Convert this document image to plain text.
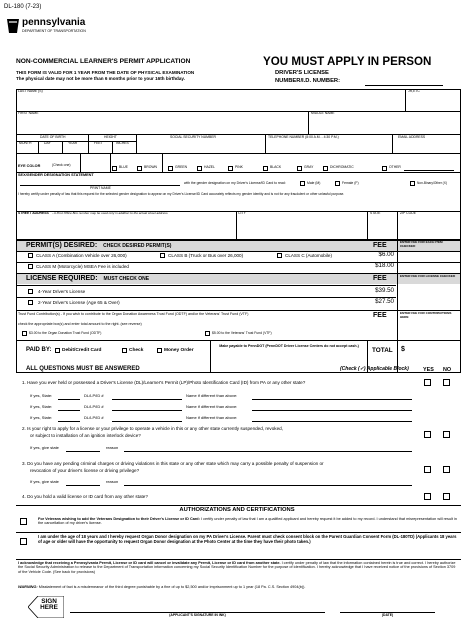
DL-180 (7-23)
pennsylvania
DEPARTMENT OF TRANSPORTATION
NON-COMMERCIAL LEARNER'S PERMIT APPLICATION	YOU MUST APPLY IN PERSON
THIS FORM IS VALID FOR 1 YEAR FROM THE DATE OF PHYSICAL EXAMINATION
The physical date may not be more than 6 months prior to your 16th birthday.
DRIVER'S LICENSE
NUMBER/I.D. NUMBER:
LAST NAME (S)	JR,ETC
FIRST NAME	MIDDLE NAME
DATE OF BIRTH
MONTH	DAY	YEAR
HEIGHT
FEET	INCHES
SOCIAL SECURITY NUMBER	TELEPHONE NUMBER (8:00 A.M. - 4:30 P.M.)	EMAIL ADDRESS
EYE COLOR	(Check one)	BLUE	BROWN	GREEN	HAZEL	PINK	BLACK	GRAY	DICHROMATIC	OTHER
SEX/GENDER DESIGNATION STATEMENT
PRINT NAME
with the gender designation on my Driver's License/ID Card to read:	Male (M)	Female (F)	Non-Binary/Other (X)
I hereby certify under penalty of law that this request for the selected gender designation to appear on my Driver's License/ID Card accurately reflects my gender identity and is not for any fraudulent or other unlawful purpose.
STREET ADDRESS - A Post Office Box number may be used only in addition to the actual street address.	CITY	STATE	ZIP CODE
PERMIT(S) DESIRED: CHECK DESIRED PERMIT(S)	FEE	ENTER FEE FOR EACH ITEM CHECKED
CLASS A (Combination Vehicle over 26,000)	CLASS B (Truck or Bus over 26,000)	CLASS C (Automobile)	$6.00
CLASS M (Motorcycle) MSEA Fee is included	$18.00
LICENSE REQUIRED: MUST CHECK ONE	FEE	ENTER FEE FOR LICENSE CHECKED
4-Year Driver's License	$39.50
2-Year Driver's License (Age 65 & Over)	$27.50
Trust Fund Contribution(s) - If you wish to contribute to the Organ Donation Awareness Trust Fund (ODTF) and/or the Veterans' Trust Fund (VTF)
check the appropriate box(s) and enter total amount to the right. (see reverse)
$3.00 to the Organ Donation Trust Fund (ODTF)	$5.00 to the Veterans' Trust Fund (VTF)
FEE	ENTER FEE FOR CONTRIBUTIONS HERE
PAID BY: Debit/Credit Card	Check	Money Order
Make payable to PennDOT (PennDOT Driver License Centers do not accept cash.)
TOTAL $
ALL QUESTIONS MUST BE ANSWERED	(Check (✓) Applicable Block)	YES NO
1. Have you ever held or possessed a Driver's License (DL)/Learner's Permit (LP)/Photo Identification Card (ID) from PA or any other state?
If yes, State:	DL/LP/ID #	Name if different than above:
If yes, State:	DL/LP/ID #	Name if different than above:
If yes, State:	DL/LP/ID #	Name if different than above:
2. Is your right to apply for a license or your privilege to operate a vehicle in this or any other state currently suspended, revoked,
or subject to installation of an ignition interlock device?
If yes, give state	reason
3. Do you have any pending criminal charges or driving violations in this state or any other state which may carry a possible penalty of suspension or
revocation of your driver's license or driving privilege?
If yes, give state	reason
4. Do you hold a valid license or ID card from any other state?
AUTHORIZATIONS AND CERTIFICATIONS
For Veterans wishing to add the Veterans Designation to their Driver's License or ID Card: I certify under penalty of law that I am a qualified applicant and hereby request it be added to my record. I understand that misrepresentation will result in the cancellation of my driver's license.
I am under the age of 18 years and I hereby request Organ Donor designation on my PA Driver's License. Parent must check consent block on the Parent Guardian Consent Form (DL-180TD) (Applicants 18 years of age or older will have the opportunity to request Organ Donor designation at the Photo Center at the time they have their photo taken.)
I acknowledge that receiving a Pennsylvania Permit, License or ID card will cancel or invalidate any Permit, License or ID card from another state. I certify under penalty of law that the information contained herein is true and correct. I hereby authorize the Social Security Administration to release to the Department of Transportation information concerning my Social Security Identification Number for the purpose of identification. I hereby acknowledge that I have received notice of the provisions of Section 3709 of the Vehicle Code. (See back for provisions)
WARNING: Misstatement of fact is a misdemeanor of the third degree punishable by a fine of up to $2,500 and/or imprisonment up to 1 year (18 Pa. C.S. Section 4904(b)).
SIGN HERE
(APPLICANT'S SIGNATURE IN INK)	(DATE)
